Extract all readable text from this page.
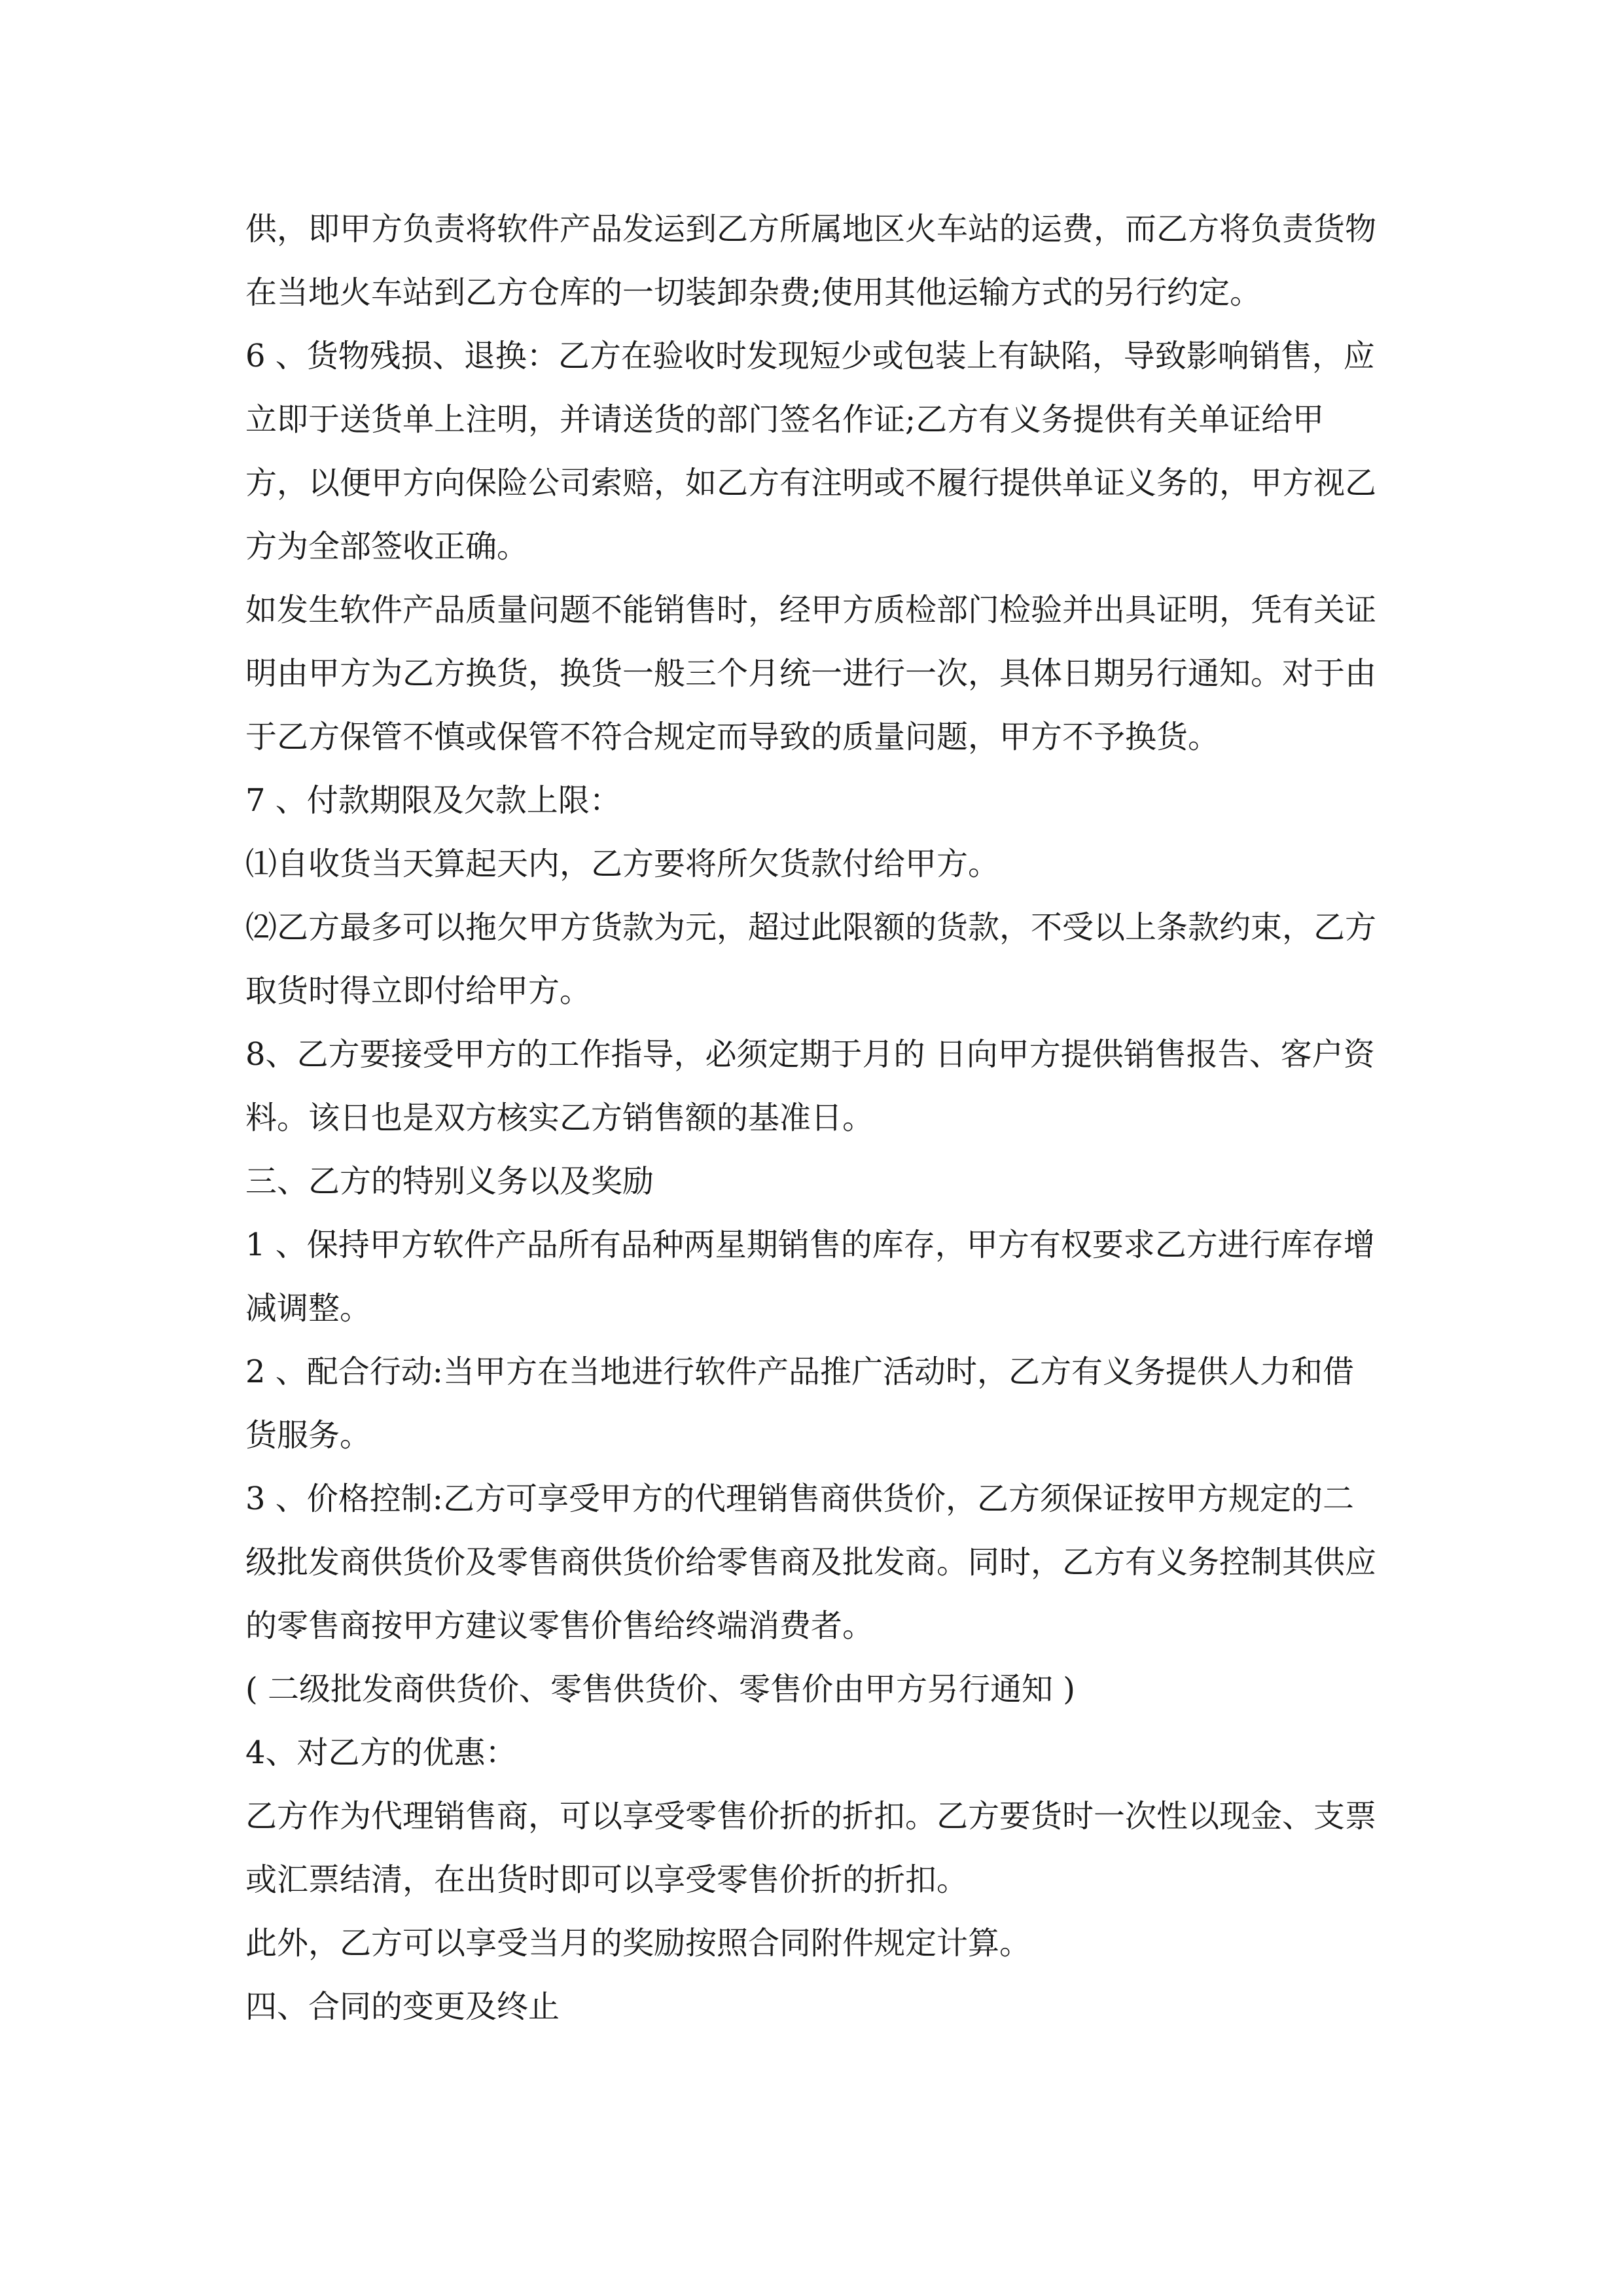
供，即甲方负责将软件产品发运到乙方所属地区火车站的运费，而乙方将负责货物在当地火车站到乙方仓库的一切装卸杂费;使用其他运输方式的另行约定。

6 、货物残损、退换：乙方在验收时发现短少或包装上有缺陷，导致影响销售，应立即于送货单上注明，并请送货的部门签名作证;乙方有义务提供有关单证给甲方，以便甲方向保险公司索赔，如乙方有注明或不履行提供单证义务的，甲方视乙方为全部签收正确。

如发生软件产品质量问题不能销售时，经甲方质检部门检验并出具证明，凭有关证明由甲方为乙方换货，换货一般三个月统一进行一次，具体日期另行通知。对于由于乙方保管不慎或保管不符合规定而导致的质量问题，甲方不予换货。

7 、付款期限及欠款上限：

⑴自收货当天算起天内，乙方要将所欠货款付给甲方。

⑵乙方最多可以拖欠甲方货款为元，超过此限额的货款，不受以上条款约束，乙方取货时得立即付给甲方。

8、乙方要接受甲方的工作指导，必须定期于月的 日向甲方提供销售报告、客户资料。该日也是双方核实乙方销售额的基准日。

三、乙方的特别义务以及奖励

1 、保持甲方软件产品所有品种两星期销售的库存，甲方有权要求乙方进行库存增减调整。

2 、配合行动:当甲方在当地进行软件产品推广活动时，乙方有义务提供人力和借货服务。

3 、价格控制:乙方可享受甲方的代理销售商供货价，乙方须保证按甲方规定的二级批发商供货价及零售商供货价给零售商及批发商。同时，乙方有义务控制其供应的零售商按甲方建议零售价售给终端消费者。

( 二级批发商供货价、零售供货价、零售价由甲方另行通知 )

4、对乙方的优惠：

乙方作为代理销售商，可以享受零售价折的折扣。乙方要货时一次性以现金、支票或汇票结清，在出货时即可以享受零售价折的折扣。

此外，乙方可以享受当月的奖励按照合同附件规定计算。

四、合同的变更及终止
